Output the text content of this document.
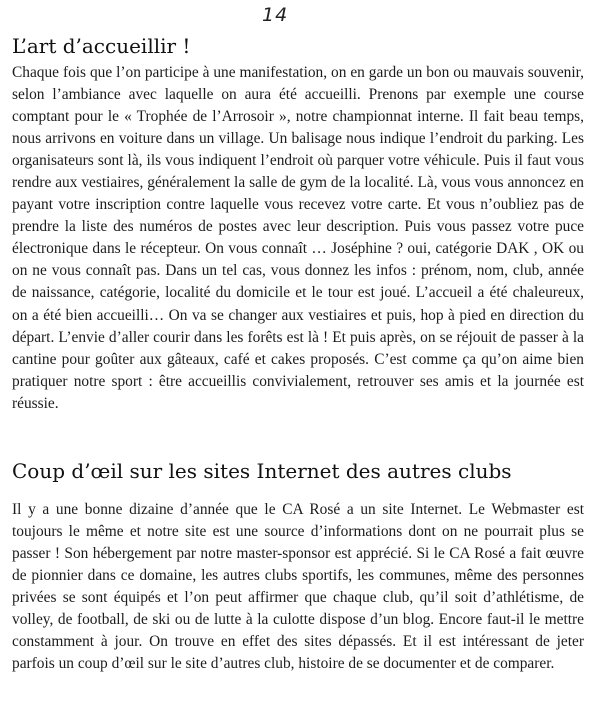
14
L’art d’accueillir !

Chaque fois que l’on participe à une manifestation, on en garde un bon ou mauvais souvenir, selon l’ambiance avec laquelle on aura été accueilli. Prenons par exemple une course comptant pour le « Trophée de l’Arrosoir », notre championnat interne. Il fait beau temps, nous arrivons en voiture dans un village. Un balisage nous indique l’endroit du parking. Les organisateurs sont là, ils vous indiquent l’endroit où parquer votre véhicule. Puis il faut vous rendre aux vestiaires, généralement la salle de gym de la localité. Là, vous vous annoncez en payant votre inscription contre laquelle vous recevez votre carte. Et vous n’oubliez pas de prendre la liste des numéros de postes avec leur description. Puis vous passez votre puce électronique dans le récepteur. On vous connaît … Joséphine ? oui, catégorie DAK , OK ou on ne vous connaît pas. Dans un tel cas, vous donnez les infos : prénom, nom, club, année de naissance, catégorie, localité du domicile et le tour est joué. L’accueil a été chaleureux, on a été bien accueilli… On va se changer aux vestiaires et puis, hop à pied en direction du départ. L’envie d’aller courir dans les forêts est là ! Et puis après, on se réjouit de passer à la cantine pour goûter aux gâteaux, café et cakes proposés. C’est comme ça qu’on aime bien pratiquer notre sport : être accueillis convivialement, retrouver ses amis et la journée est réussie.

Coup d’œil sur les sites Internet des autres clubs

Il y a une bonne dizaine d’année que le CA Rosé a un site Internet. Le Webmaster est toujours le même et notre site est une source d’informations dont on ne pourrait plus se passer ! Son hébergement par notre master-sponsor est apprécié. Si le CA Rosé a fait œuvre de pionnier dans ce domaine, les autres clubs sportifs, les communes, même des personnes privées se sont équipés et l’on peut affirmer que chaque club, qu’il soit d’athlétisme, de volley, de football, de ski ou de lutte à la culotte dispose d’un blog. Encore faut-il le mettre constamment à jour. On trouve en effet des sites dépassés. Et il est intéressant de jeter parfois un coup d’œil sur le site d’autres club, histoire de se documenter et de comparer.
